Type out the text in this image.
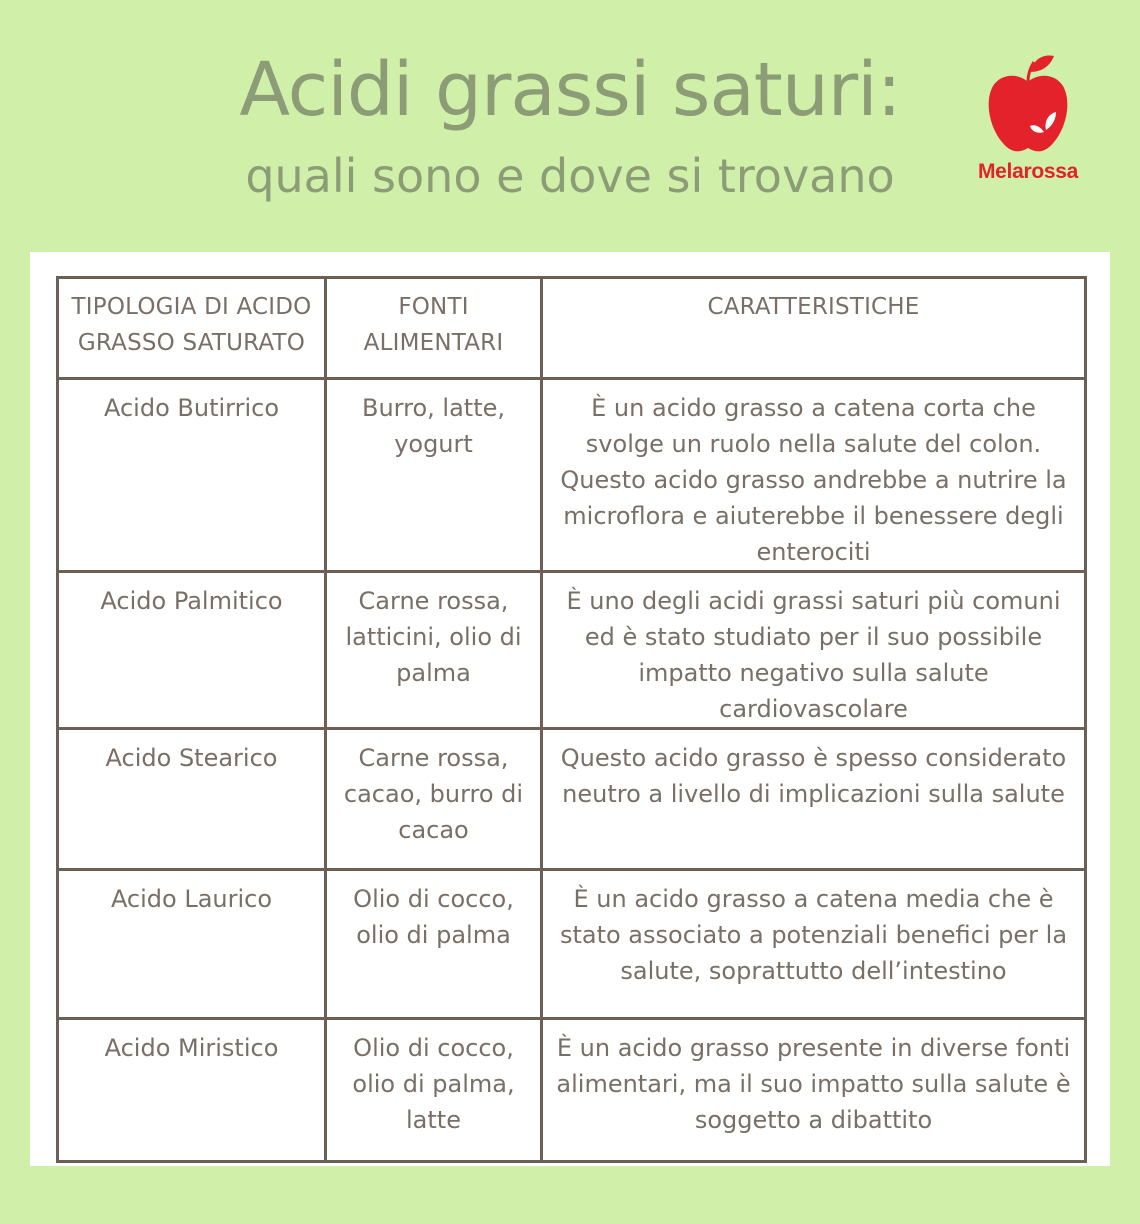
Acidi grassi saturi:
quali sono e dove si trovano	Melarossa
TIPOLOGIA DI ACIDO GRASSO SATURATO	FONTI ALIMENTARI	CARATTERISTICHE
Acido Butirrico	Burro, latte, yogurt	È un acido grasso a catena corta che svolge un ruolo nella salute del colon. Questo acido grasso andrebbe a nutrire la microflora e aiuterebbe il benessere degli enterociti
Acido Palmitico	Carne rossa, latticini, olio di palma	È uno degli acidi grassi saturi più comuni ed è stato studiato per il suo possibile impatto negativo sulla salute cardiovascolare
Acido Stearico	Carne rossa, cacao, burro di cacao	Questo acido grasso è spesso considerato neutro a livello di implicazioni sulla salute
Acido Laurico	Olio di cocco, olio di palma	È un acido grasso a catena media che è stato associato a potenziali benefici per la salute, soprattutto dell’intestino
Acido Miristico	Olio di cocco, olio di palma, latte	È un acido grasso presente in diverse fonti alimentari, ma il suo impatto sulla salute è soggetto a dibattito
